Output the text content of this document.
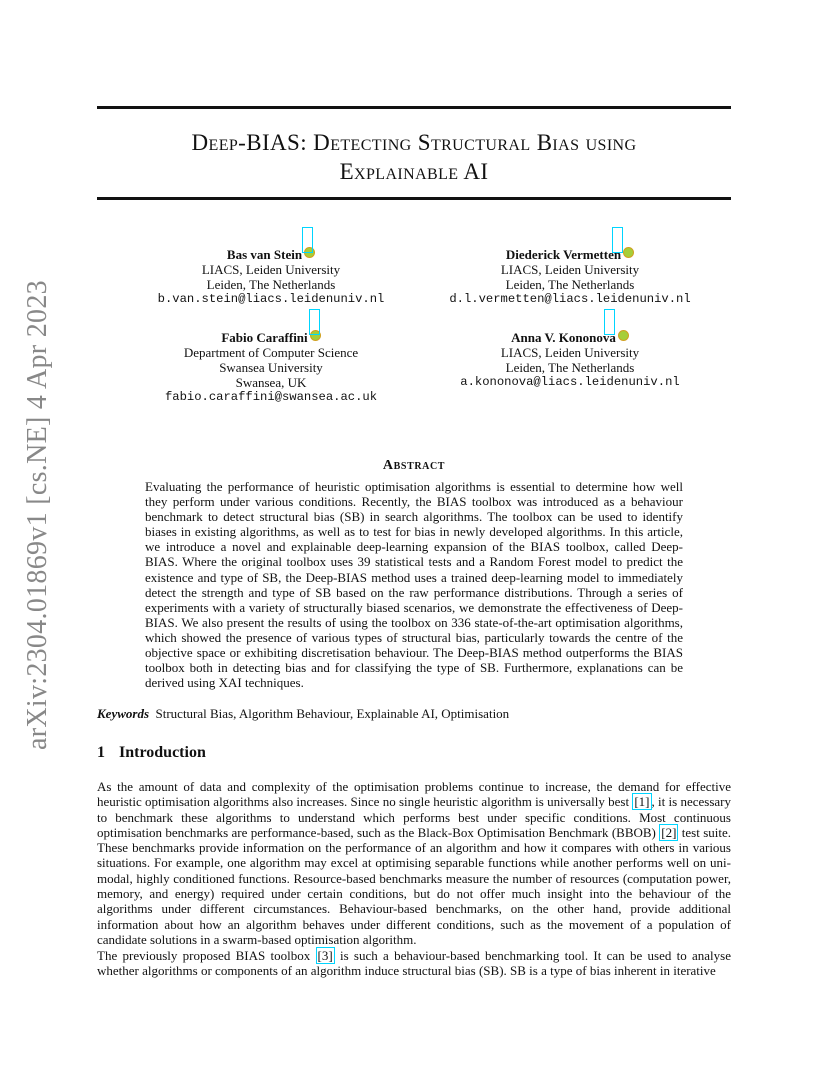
arXiv:2304.01869v1 [cs.NE] 4 Apr 2023
Deep-BIAS: Detecting Structural Bias using
Explainable AI
Bas van Stein
LIACS, Leiden University
Leiden, The Netherlands
b.van.stein@liacs.leidenuniv.nl
Diederick Vermetten
LIACS, Leiden University
Leiden, The Netherlands
d.l.vermetten@liacs.leidenuniv.nl
Fabio Caraffini
Department of Computer Science
Swansea University
Swansea, UK
fabio.caraffini@swansea.ac.uk
Anna V. Kononova
LIACS, Leiden University
Leiden, The Netherlands
a.kononova@liacs.leidenuniv.nl
Abstract
Evaluating the performance of heuristic optimisation algorithms is essential to determine how well they perform under various conditions. Recently, the BIAS toolbox was introduced as a behaviour benchmark to detect structural bias (SB) in search algorithms. The toolbox can be used to identify biases in existing algorithms, as well as to test for bias in newly developed algorithms. In this article, we introduce a novel and explainable deep-learning expansion of the BIAS toolbox, called Deep-BIAS. Where the original toolbox uses 39 statistical tests and a Random Forest model to predict the existence and type of SB, the Deep-BIAS method uses a trained deep-learning model to immediately detect the strength and type of SB based on the raw performance distributions. Through a series of experiments with a variety of structurally biased scenarios, we demonstrate the effectiveness of Deep-BIAS. We also present the results of using the toolbox on 336 state-of-the-art optimisation algorithms, which showed the presence of various types of structural bias, particularly towards the centre of the objective space or exhibiting discretisation behaviour. The Deep-BIAS method outperforms the BIAS toolbox both in detecting bias and for classifying the type of SB. Furthermore, explanations can be derived using XAI techniques.
Keywords Structural Bias, Algorithm Behaviour, Explainable AI, Optimisation
1 Introduction
As the amount of data and complexity of the optimisation problems continue to increase, the demand for effective heuristic optimisation algorithms also increases. Since no single heuristic algorithm is universally best [1] , it is necessary to benchmark these algorithms to understand which performs best under specific conditions. Most continuous optimisation benchmarks are performance-based, such as the Black-Box Optimisation Benchmark (BBOB) [2] test suite. These benchmarks provide information on the performance of an algorithm and how it compares with others in various situations. For example, one algorithm may excel at optimising separable functions while another performs well on uni-modal, highly conditioned functions. Resource-based benchmarks measure the number of resources (computation power, memory, and energy) required under certain conditions, but do not offer much insight into the behaviour of the algorithms under different circumstances. Behaviour-based benchmarks, on the other hand, provide additional information about how an algorithm behaves under different conditions, such as the movement of a population of candidate solutions in a swarm-based optimisation algorithm.
The previously proposed BIAS toolbox [3] is such a behaviour-based benchmarking tool. It can be used to analyse whether algorithms or components of an algorithm induce structural bias (SB). SB is a type of bias inherent in iterative
